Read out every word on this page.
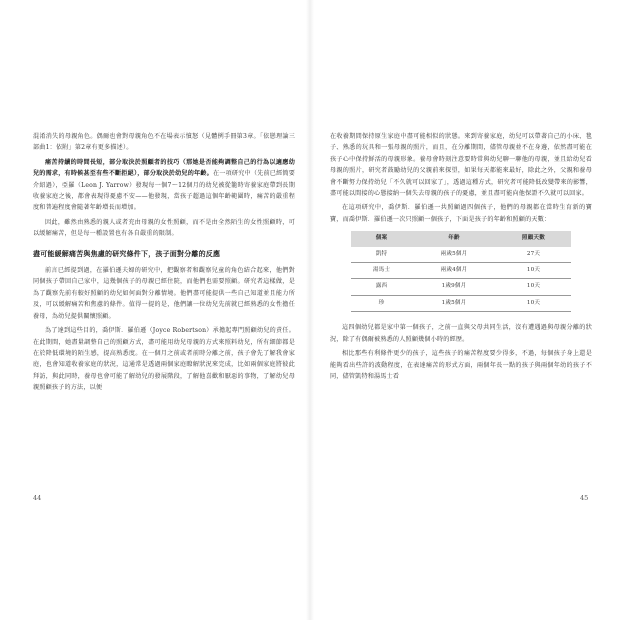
混淆消失的母親角色。偶爾也會對母親角色不在場表示憤怒（見體例手冊第3章。「依戀理論三部曲1：依附」第2章有更多描述）。

痛苦持續的時間長短，部分取決於照顧者的技巧（那她是否能夠調整自己的行為以適應幼兒的需求，有時候甚至有些不斷拒絕），部分取決於幼兒的年齡。在一項研究中（先前已經簡要介紹過），亞羅（Leon J. Yarrow）發現每一個7～12個月的幼兒被從籠時寄養家庭帶到長期收養家庭之後，都會表現得憂慮不安——他發現，當孩子超過這個年齡範圍時，痛苦的嚴重程度和普遍程度會隨著年齡增長而增加。

因此，雖然由熟悉的親人或者充由母親的女性照顧，而不是由全然陌生的女性照顧時，可以緩解痛苦，但是每一種設置也有各自嚴重的限制。

盡可能緩解痛苦與焦慮的研究條件下，孩子面對分離的反應

前言已經提到過，在羅伯遜夫婦的研究中，把觀察者和觀察兒童的角色結合起來，他們對同個孩子帶回自己家中，這幾個孩子的母親已經住院，而他們也需要照顧。研究者這樣做，是為了觀察先前有較好照顧的幼兒如何面對分離情境。他們盡可能提供一些自己知道並且能力所及，可以緩解痛苦和焦慮的條件。值得一提的是，他們讓一位幼兒先前就已經熟悉的女性擔任養母，為幼兒提供關懷照顧。

為了達到這些目的，喬伊斯．羅伯遜（Joyce Robertson）承擔起專門照顧幼兒的責任。在此期間，她盡量調整自己的照顧方式，盡可能用幼兒母親的方式來照料幼兒，所有細節都是在於降低環境的陌生感，提高熟悉度。在一個月之前或者前時分離之前，孩子會先了解我會家庭，也會知道收養家庭的狀況，這通常是透過兩個家庭瞭解狀況來完成，比如兩個家庭將彼此拜訪，與此同時，養母也會可能了解幼兒的發展階段，了解他喜歡和厭惡的事物，了解幼兒母親照顧孩子的方法，以便

44

在收養期間保持原生家庭中盡可能相似的狀態。來到寄養家庭，幼兒可以帶著自己的小床、毯子、熟悉的玩具和一張母親的照片，而且，在分離期間，儘管母親並不在身邊，依然盡可能在孩子心中保持鮮活的母親形象。養母會時刻注意要時常與幼兒聊一聊他的母親，並且給幼兒看母親的照片，研究者鼓勵幼兒的父親前來探望，如果每天都能來最好，除此之外，父親和養母會不斷努力保持幼兒「不久就可以回家了」，透過這種方式，研究者可能降低改變帶來的影響，盡可能以間接的心態接納一個失去母親的孩子的憂慮，並且盡可能向他保證不久就可以回家。

在這項研究中，喬伊斯．羅伯遜一共照顧過四個孩子，他們的母親都在當時生育新的寶寶，而喬伊斯．羅伯遜一次只照顧一個孩子，下面是孩子的年齡和照顧的天數：

個案	年齡	照顧天數
凱特	兩歲5個月	27天
湯馬士	兩歲4個月	10天
露西	1歲9個月	10天
珍	1歲5個月	10天

這四個幼兒都是家中第一個孩子，之前一直與父母共同生活，沒有遭遇過與母親分離的狀況，除了有偶爾被熟悉的人照顧幾個小時的經歷。

相比那些有利條件更少的孩子，這些孩子的痛苦程度要少得多，不過，每個孩子身上還是能夠看出些許的波動程度，在表達痛苦的形式方面，兩個年長一點的孩子與兩個年幼的孩子不同，儘管凱特和湯馬士看

45
